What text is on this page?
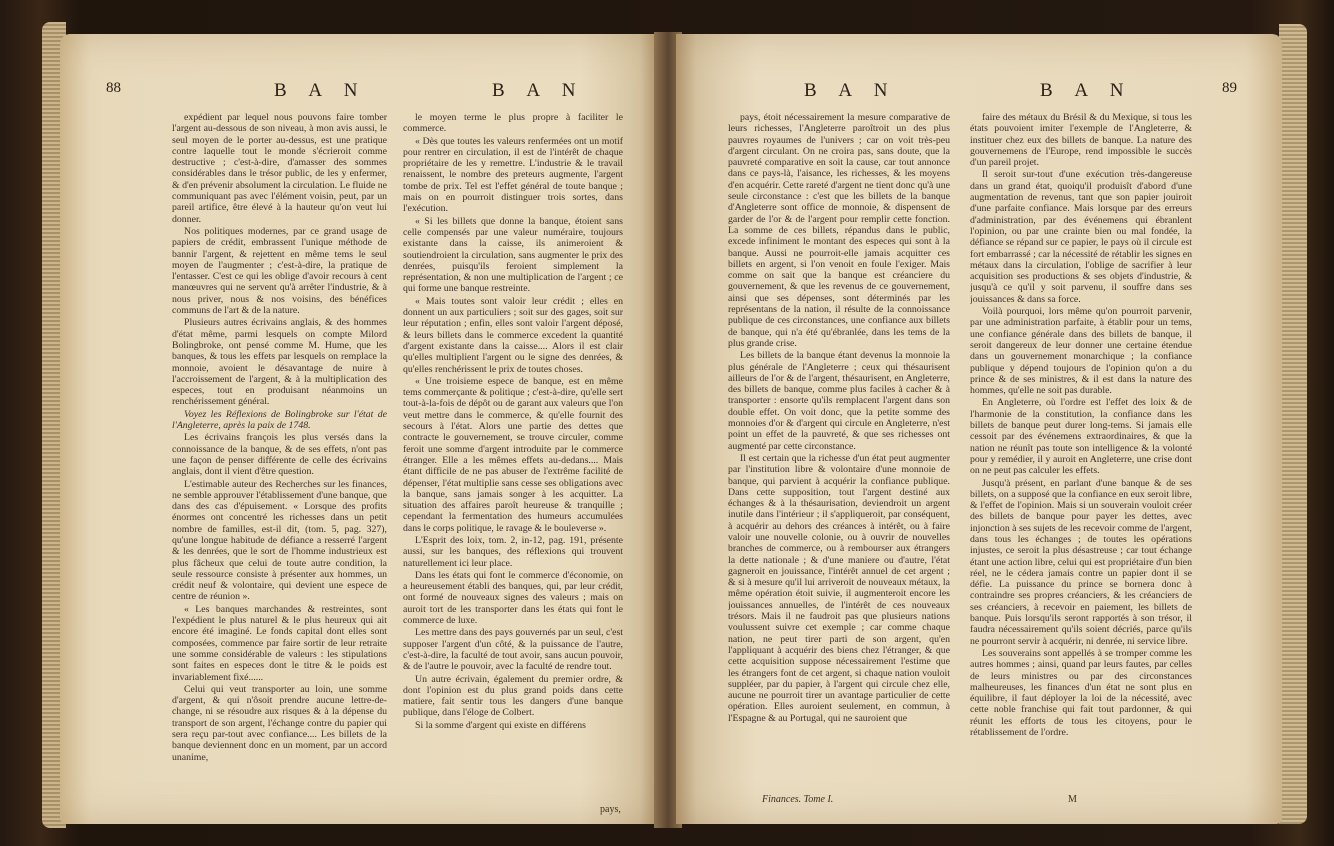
88	B A N	B A N

expédient par lequel nous pouvons faire tomber l'argent au-dessous de son niveau, à mon avis aussi, le seul moyen de le porter au-dessus, est une pratique contre laquelle tout le monde s'écrieroit comme destructive ; c'est-à-dire, d'amasser des sommes considérables dans le trésor public, de les y enfermer, & d'en prévenir absolument la circulation. Le fluide ne communiquant pas avec l'élément voisin, peut, par un pareil artifice, être élevé à la hauteur qu'on veut lui donner.

Nos politiques modernes, par ce grand usage de papiers de crédit, embrassent l'unique méthode de bannir l'argent, & rejettent en même tems le seul moyen de l'augmenter ; c'est-à-dire, la pratique de l'entasser. C'est ce qui les oblige d'avoir recours à cent manœuvres qui ne servent qu'à arrêter l'industrie, & à nous priver, nous & nos voisins, des bénéfices communs de l'art & de la nature.

Plusieurs autres écrivains anglais, & des hommes d'état même, parmi lesquels on compte Milord Bolingbroke, ont pensé comme M. Hume, que les banques, & tous les effets par lesquels on remplace la monnoie, avoient le désavantage de nuire à l'accroissement de l'argent, & à la multiplication des especes, tout en produisant néanmoins un renchérissement général.

Voyez les Réflexions de Bolingbroke sur l'état de l'Angleterre, après la paix de 1748.

Les écrivains françois les plus versés dans la connoissance de la banque, & de ses effets, n'ont pas une façon de penser différente de celle des écrivains anglais, dont il vient d'être question.

L'estimable auteur des Recherches sur les finances, ne semble approuver l'établissement d'une banque, que dans des cas d'épuisement. « Lorsque des profits énormes ont concentré les richesses dans un petit nombre de familles, est-il dit, (tom. 5, pag. 327), qu'une longue habitude de défiance a resserré l'argent & les denrées, que le sort de l'homme industrieux est plus fâcheux que celui de toute autre condition, la seule ressource consiste à présenter aux hommes, un crédit neuf & volontaire, qui devient une espece de centre de réunion ».

« Les banques marchandes & restreintes, sont l'expédient le plus naturel & le plus heureux qui ait encore été imaginé. Le fonds capital dont elles sont composées, commence par faire sortir de leur retraite une somme considérable de valeurs : les stipulations sont faites en especes dont le titre & le poids est invariablement fixé......

Celui qui veut transporter au loin, une somme d'argent, & qui n'ôsoit prendre aucune lettre-de-change, ni se résoudre aux risques & à la dépense du transport de son argent, l'échange contre du papier qui sera reçu par-tout avec confiance.... Les billets de la banque deviennent donc en un moment, par un accord unanime,

le moyen terme le plus propre à faciliter le commerce.

« Dès que toutes les valeurs renfermées ont un motif pour rentrer en circulation, il est de l'intérêt de chaque propriétaire de les y remettre. L'industrie & le travail renaissent, le nombre des preteurs augmente, l'argent tombe de prix. Tel est l'effet général de toute banque ; mais on en pourroit distinguer trois sortes, dans l'exécution.

« Si les billets que donne la banque, étoient sans celle compensés par une valeur numéraire, toujours existante dans la caisse, ils animeroient & soutiendroient la circulation, sans augmenter le prix des denrées, puisqu'ils feroient simplement la représentation, & non une multiplication de l'argent ; ce qui forme une banque restreinte.

« Mais toutes sont valoir leur crédit ; elles en donnent un aux particuliers ; soit sur des gages, soit sur leur réputation ; enfin, elles sont valoir l'argent déposé, & leurs billets dans le commerce excedent la quantité d'argent existante dans la caisse.... Alors il est clair qu'elles multiplient l'argent ou le signe des denrées, & qu'elles renchérissent le prix de toutes choses.

« Une troisieme espece de banque, est en même tems commerçante & politique ; c'est-à-dire, qu'elle sert tout-à-la-fois de dépôt ou de garant aux valeurs que l'on veut mettre dans le commerce, & qu'elle fournit des secours à l'état. Alors une partie des dettes que contracte le gouvernement, se trouve circuler, comme feroit une somme d'argent introduite par le commerce étranger. Elle a les mêmes effets au-dedans.... Mais étant difficile de ne pas abuser de l'extrême facilité de dépenser, l'état multiplie sans cesse ses obligations avec la banque, sans jamais songer à les acquitter. La situation des affaires paroît heureuse & tranquille ; cependant la fermentation des humeurs accumulées dans le corps politique, le ravage & le bouleverse ».

L'Esprit des loix, tom. 2, in-12, pag. 191, présente aussi, sur les banques, des réflexions qui trouvent naturellement ici leur place.

Dans les états qui font le commerce d'économie, on a heureusement établi des banques, qui, par leur crédit, ont formé de nouveaux signes des valeurs ; mais on auroit tort de les transporter dans les états qui font le commerce de luxe.

Les mettre dans des pays gouvernés par un seul, c'est supposer l'argent d'un côté, & la puissance de l'autre, c'est-à-dire, la faculté de tout avoir, sans aucun pouvoir, & de l'autre le pouvoir, avec la faculté de rendre tout.

Un autre écrivain, également du premier ordre, & dont l'opinion est du plus grand poids dans cette matiere, fait sentir tous les dangers d'une banque publique, dans l'éloge de Colbert.

Si la somme d'argent qui existe en différens

pays,
B A N	B A N	89

pays, étoit nécessairement la mesure comparative de leurs richesses, l'Angleterre paroîtroit un des plus pauvres royaumes de l'univers ; car on voit très-peu d'argent circulant. On ne croira pas, sans doute, que la pauvreté comparative en soit la cause, car tout annonce dans ce pays-là, l'aisance, les richesses, & les moyens d'en acquérir. Cette rareté d'argent ne tient donc qu'à une seule circonstance : c'est que les billets de la banque d'Angleterre sont office de monnoie, & dispensent de garder de l'or & de l'argent pour remplir cette fonction. La somme de ces billets, répandus dans le public, excede infiniment le montant des especes qui sont à la banque. Aussi ne pourroit-elle jamais acquitter ces billets en argent, si l'on venoit en foule l'exiger. Mais comme on sait que la banque est créanciere du gouvernement, & que les revenus de ce gouvernement, ainsi que ses dépenses, sont déterminés par les représentans de la nation, il résulte de la connoissance publique de ces circonstances, une confiance aux billets de banque, qui n'a été qu'ébranlée, dans les tems de la plus grande crise.

Les billets de la banque étant devenus la monnoie la plus générale de l'Angleterre ; ceux qui thésaurisent ailleurs de l'or & de l'argent, thésaurisent, en Angleterre, des billets de banque, comme plus faciles à cacher & à transporter : ensorte qu'ils remplacent l'argent dans son double effet. On voit donc, que la petite somme des monnoies d'or & d'argent qui circule en Angleterre, n'est point un effet de la pauvreté, & que ses richesses ont augmenté par cette circonstance.

Il est certain que la richesse d'un état peut augmenter par l'institution libre & volontaire d'une monnoie de banque, qui parvient à acquérir la confiance publique. Dans cette supposition, tout l'argent destiné aux échanges & à la thésaurisation, deviendroit un argent inutile dans l'intérieur ; il s'appliqueroit, par conséquent, à acquérir au dehors des créances à intérêt, ou à faire valoir une nouvelle colonie, ou à ouvrir de nouvelles branches de commerce, ou à rembourser aux étrangers la dette nationale ; & d'une maniere ou d'autre, l'état gagneroit en jouissance, l'intérêt annuel de cet argent ; & si à mesure qu'il lui arriveroit de nouveaux métaux, la même opération étoit suivie, il augmenteroit encore les jouissances annuelles, de l'intérêt de ces nouveaux trésors. Mais il ne faudroit pas que plusieurs nations voulussent suivre cet exemple ; car comme chaque nation, ne peut tirer parti de son argent, qu'en l'appliquant à acquérir des biens chez l'étranger, & que cette acquisition suppose nécessairement l'estime que les étrangers font de cet argent, si chaque nation vouloit suppléer, par du papier, à l'argent qui circule chez elle, aucune ne pourroit tirer un avantage particulier de cette opération. Elles auroient seulement, en commun, à l'Espagne & au Portugal, qui ne sauroient que

faire des métaux du Brésil & du Mexique, si tous les états pouvoient imiter l'exemple de l'Angleterre, & instituer chez eux des billets de banque. La nature des gouvernemens de l'Europe, rend impossible le succès d'un pareil projet.

Il seroit sur-tout d'une exécution très-dangereuse dans un grand état, quoiqu'il produisît d'abord d'une augmentation de revenus, tant que son papier jouiroit d'une parfaite confiance. Mais lorsque par des erreurs d'administration, par des événemens qui ébranlent l'opinion, ou par une crainte bien ou mal fondée, la défiance se répand sur ce papier, le pays où il circule est fort embarrassé ; car la nécessité de rétablir les signes en métaux dans la circulation, l'oblige de sacrifier à leur acquisition ses productions & ses objets d'industrie, & jusqu'à ce qu'il y soit parvenu, il souffre dans ses jouissances & dans sa force.

Voilà pourquoi, lors même qu'on pourroit parvenir, par une administration parfaite, à établir pour un tems, une confiance générale dans des billets de banque, il seroit dangereux de leur donner une certaine étendue dans un gouvernement monarchique ; la confiance publique y dépend toujours de l'opinion qu'on a du prince & de ses ministres, & il est dans la nature des hommes, qu'elle ne soit pas durable.

En Angleterre, où l'ordre est l'effet des loix & de l'harmonie de la constitution, la confiance dans les billets de banque peut durer long-tems. Si jamais elle cessoit par des événemens extraordinaires, & que la nation ne réunît pas toute son intelligence & la volonté pour y remédier, il y auroit en Angleterre, une crise dont on ne peut pas calculer les effets.

Jusqu'à présent, en parlant d'une banque & de ses billets, on a supposé que la confiance en eux seroit libre, & l'effet de l'opinion. Mais si un souverain vouloit créer des billets de banque pour payer les dettes, avec injonction à ses sujets de les recevoir comme de l'argent, dans tous les échanges ; de toutes les opérations injustes, ce seroit la plus désastreuse ; car tout échange étant une action libre, celui qui est propriétaire d'un bien réel, ne le cédera jamais contre un papier dont il se défie. La puissance du prince se bornera donc à contraindre ses propres créanciers, & les créanciers de ses créanciers, à recevoir en paiement, les billets de banque. Puis lorsqu'ils seront rapportés à son trésor, il faudra nécessairement qu'ils soient décriés, parce qu'ils ne pourront servir à acquérir, ni denrée, ni service libre.

Les souverains sont appellés à se tromper comme les autres hommes ; ainsi, quand par leurs fautes, par celles de leurs ministres ou par des circonstances malheureuses, les finances d'un état ne sont plus en équilibre, il faut déployer la loi de la nécessité, avec cette noble franchise qui fait tout pardonner, & qui réunit les efforts de tous les citoyens, pour le rétablissement de l'ordre.

Finances. Tome I.	M
